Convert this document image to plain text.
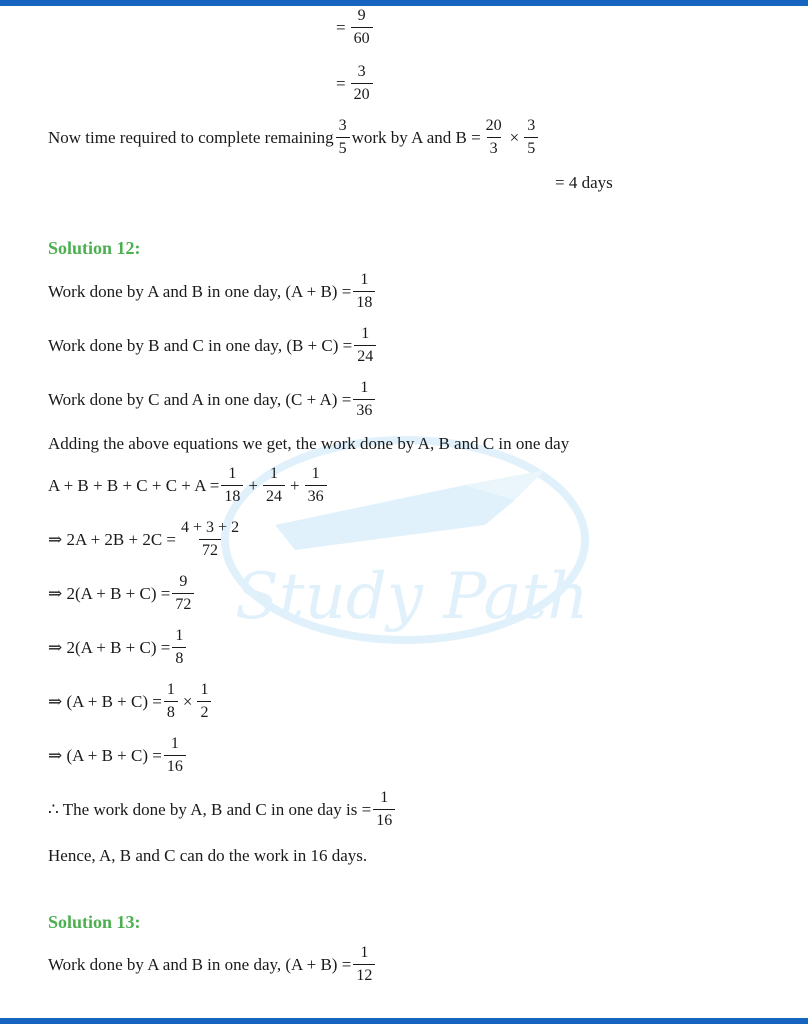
Study Path
= $\frac{9}{60}$
= $\frac{3}{20}$
Now time required to complete remaining $\frac{3}{5}$ work by A and $B = \frac{20}{3} \times \frac{3}{5}$
= 4 days
Solution 12:
Work done by A and B in one day, $(A + B) = \frac{1}{18}$
Work done by B and C in one day, $(B + C) = \frac{1}{24}$
Work done by C and A in one day, $(C + A) = \frac{1}{36}$
Adding the above equations we get, the work done by A, B and C in one day
$A + B + B + C + C + A = \frac{1}{18} + \frac{1}{24} + \frac{1}{36}$
⇒ $2A + 2B + 2C = \frac{4 + 3 + 2}{72}$
⇒ $2(A + B + C) = \frac{9}{72}$
⇒ $2(A + B + C) = \frac{1}{8}$
⇒ $(A + B + C) = \frac{1}{8} \times \frac{1}{2}$
⇒ $(A + B + C) = \frac{1}{16}$
∴ The work done by A, B and C in one day is = $\frac{1}{16}$
Hence, A, B and C can do the work in 16 days.
Solution 13:
Work done by A and B in one day, $(A + B) = \frac{1}{12}$
